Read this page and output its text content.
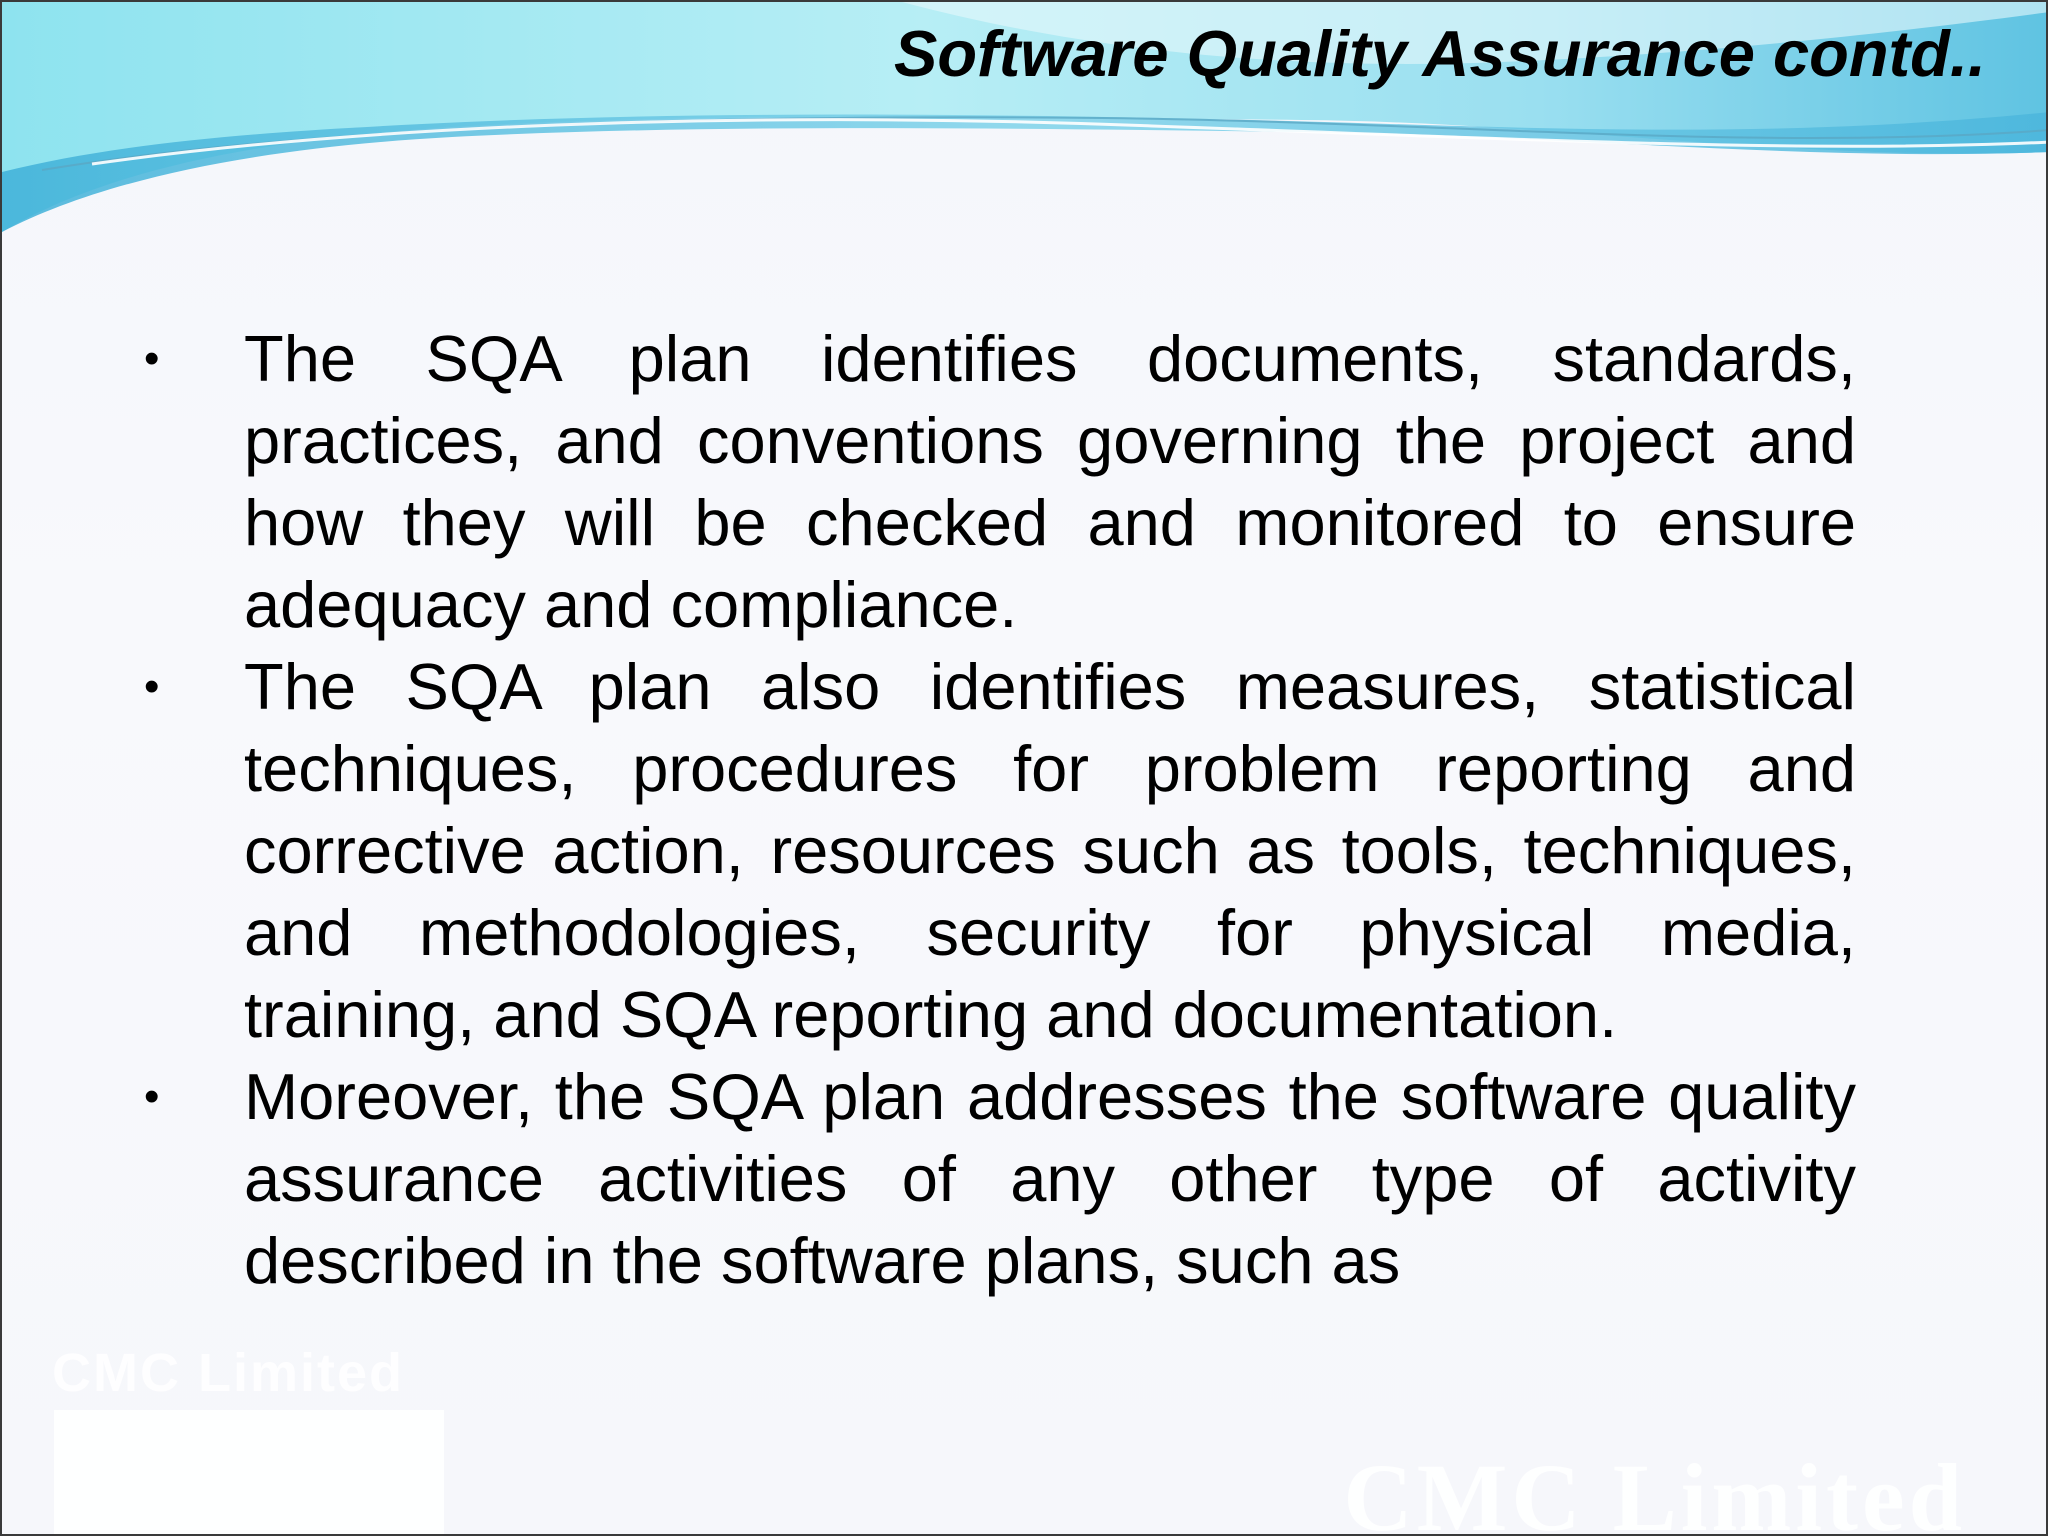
Software Quality Assurance contd..
•	The SQA plan identifies documents, standards, practices, and conventions governing the project and how they will be checked and monitored to ensure adequacy and compliance.
•	The SQA plan also identifies measures, statistical techniques, procedures for problem reporting and corrective action, resources such as tools, techniques, and methodologies, security for physical media, training, and SQA reporting and documentation.
•	Moreover, the SQA plan addresses the software quality assurance activities of any other type of activity described in the software plans, such as
CMC Limited
CMC Limited
